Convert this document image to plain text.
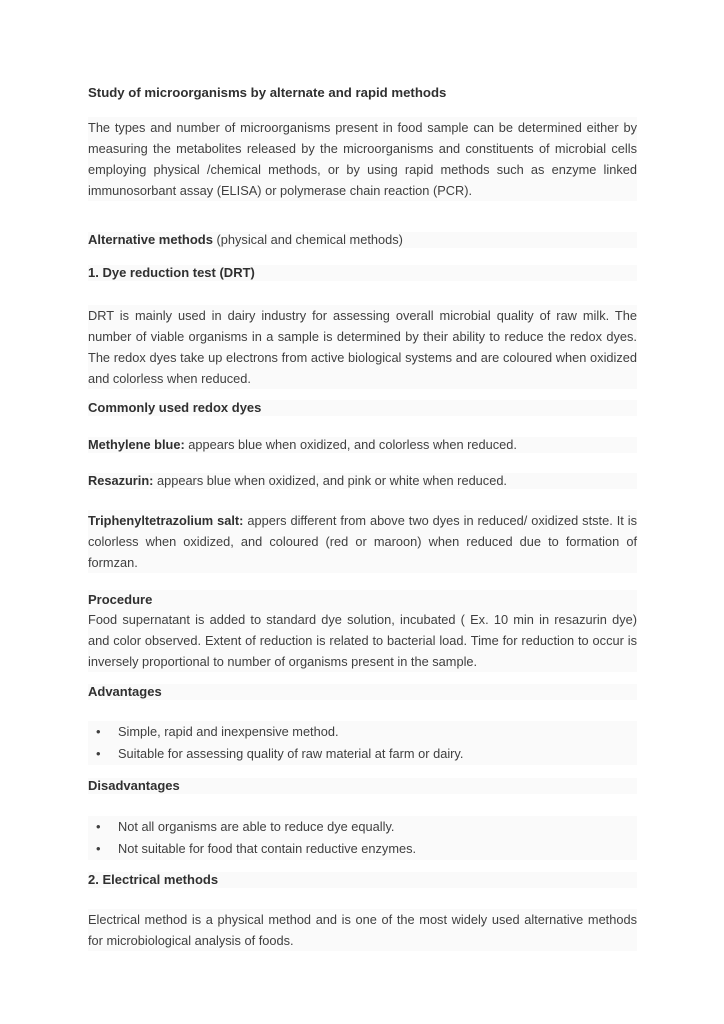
Study of microorganisms by alternate and rapid methods

The types and number of microorganisms present in food sample can be determined either by measuring the metabolites released by the microorganisms and constituents of microbial cells employing physical /chemical methods, or by using rapid methods such as enzyme linked immunosorbant assay (ELISA) or polymerase chain reaction (PCR).

Alternative methods (physical and chemical methods)

1. Dye reduction test (DRT)

DRT is mainly used in dairy industry for assessing overall microbial quality of raw milk. The number of viable organisms in a sample is determined by their ability to reduce the redox dyes. The redox dyes take up electrons from active biological systems and are coloured when oxidized and colorless when reduced.

Commonly used redox dyes

Methylene blue: appears blue when oxidized, and colorless when reduced.

Resazurin: appears blue when oxidized, and pink or white when reduced.

Triphenyltetrazolium salt: appers different from above two dyes in reduced/ oxidized stste. It is colorless when oxidized, and coloured (red or maroon) when reduced due to formation of formzan.

Procedure

Food supernatant is added to standard dye solution, incubated ( Ex. 10 min in resazurin dye) and color observed. Extent of reduction is related to bacterial load. Time for reduction to occur is inversely proportional to number of organisms present in the sample.

Advantages
•
Simple, rapid and inexpensive method.
•
Suitable for assessing quality of raw material at farm or dairy.
Disadvantages
•
Not all organisms are able to reduce dye equally.
•
Not suitable for food that contain reductive enzymes.
2. Electrical methods

Electrical method is a physical method and is one of the most widely used alternative methods for microbiological analysis of foods.
